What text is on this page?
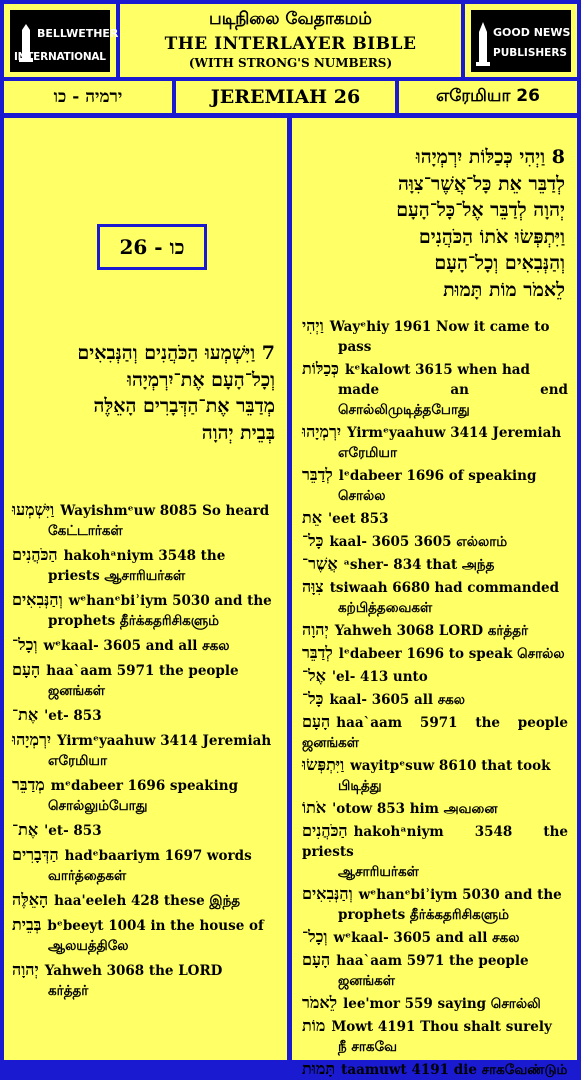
BELLWETHER
INTERNATIONAL
படிநிலை வேதாகமம்
THE INTERLAYER BIBLE
(WITH STRONG'S NUMBERS)
GOOD NEWS
PUBLISHERS
ירמיה - כו	JEREMIAH 26	எரேமியா 26
26 - כו
7 וַיִּשְׁמְעוּ הַכֹּהֲנִים וְהַנְּבִאִים
וְכָל־הָעָם אֶת־יִרְמְיָהוּ
מְדַבֵּר אֶת־הַדְּבָרִים הָאֵלֶּה
בְּבֵית יְהוָה
וַיִּשְׁמְעוּ Wayishmᵉuw 8085 So heard
கேட்டார்கள்
הַכֹּהֲנִים hakohᵃniym 3548 the
priests ஆசாரியர்கள்
וְהַנְּבִאִים wᵉhanᵉbiʾiym 5030 and the
prophets தீர்க்கதரிசிகளும்
וְכָל־ wᵉkaal- 3605 and all சகல
הָעָם haa`aam 5971 the people
ஜனங்கள்
אֶת־ 'et- 853
יִרְמְיָהוּ Yirmᵉyaahuw 3414 Jeremiah
எரேமியா
מְדַבֵּר mᵉdabeer 1696 speaking
சொல்லும்போது
אֶת־ 'et- 853
הַדְּבָרִים hadᵉbaariym 1697 words
வார்த்தைகள்
הָאֵלֶּה haa'eeleh 428 these இந்த
בְּבֵית bᵉbeeyt 1004 in the house of
ஆலயத்திலே
יְהוָה Yahweh 3068 the LORD
கர்த்தர்
8 וַיְהִי כְּכַלּוֹת יִרְמְיָהוּ
לְדַבֵּר אֵת כָּל־אֲשֶׁר־צִוָּה
יְהוָה לְדַבֵּר אֶל־כָּל־הָעָם
וַיִּתְפְּשׂוּ אֹתוֹ הַכֹּהֲנִים
וְהַנְּבִאִים וְכָל־הָעָם
לֵאמֹר מוֹת תָּמוּת
וַיְהִי Wayᵉhiy 1961 Now it came to
pass
כְּכַלּוֹת kᵉkalowt 3615 when had
made an end சொல்லிமுடித்தபோது
יִרְמְיָהוּ Yirmᵉyaahuw 3414 Jeremiah
எரேமியா
לְדַבֵּר lᵉdabeer 1696 of speaking
சொல்ல
אֵת 'eet 853
כָּל־ kaal- 3605 3605 எல்லாம்
אֲשֶׁר־ ᵃsher- 834 that அந்த
צִוָּה tsiwaah 6680 had commanded
கற்பித்தவைகள்
יְהוָה Yahweh 3068 LORD கர்த்தர்
לְדַבֵּר lᵉdabeer 1696 to speak சொல்ல
אֶל־ 'el- 413 unto
כָּל־ kaal- 3605 all சகல
הָעָם haa`aam 5971 the people ஜனங்கள்
וַיִּתְפְּשׂוּ wayitpᵉsuw 8610 that took
பிடித்து
אֹתוֹ 'otow 853 him அவனை
הַכֹּהֲנִים hakohᵃniym 3548 the priests
ஆசாரியர்கள்
וְהַנְּבִאִים wᵉhanᵉbiʾiym 5030 and the
prophets தீர்க்கதரிசிகளும்
וְכָל־ wᵉkaal- 3605 and all சகல
הָעָם haa`aam 5971 the people
ஜனங்கள்
לֵאמֹר lee'mor 559 saying சொல்லி
מוֹת Mowt 4191 Thou shalt surely
நீ சாகவே
תָּמוּת taamuwt 4191 die சாகவேண்டும்
